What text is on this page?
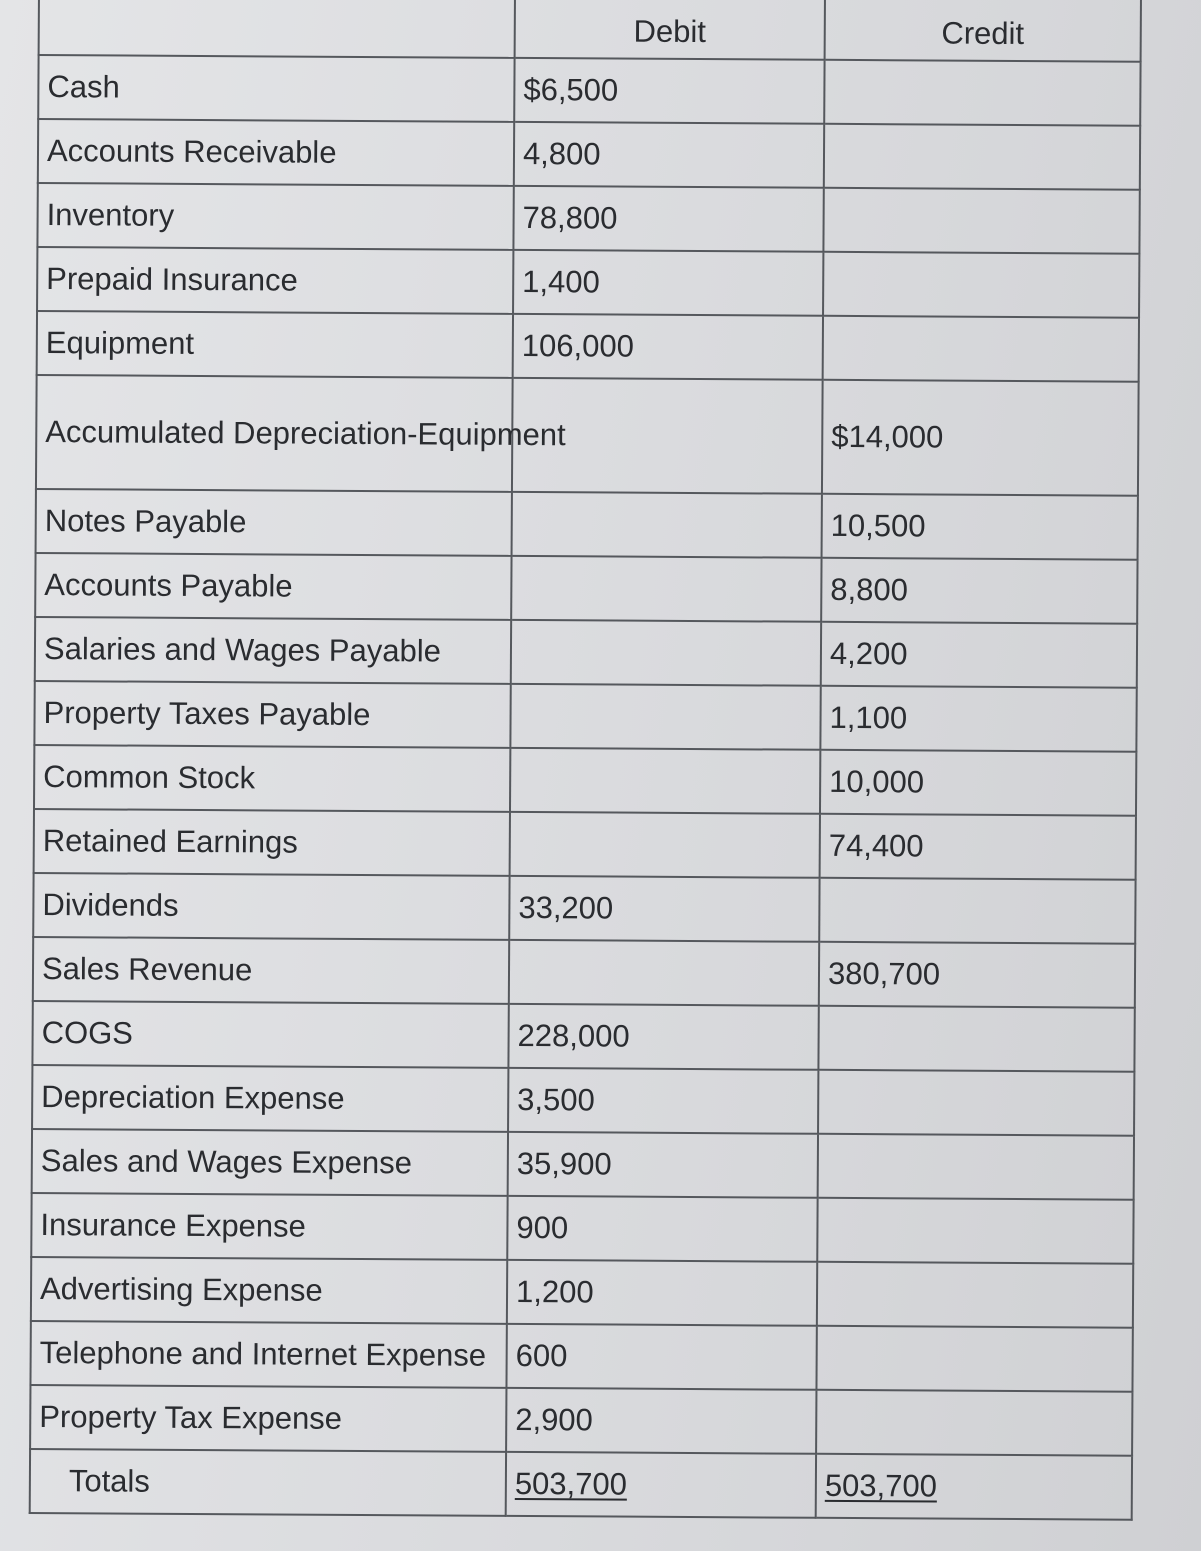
	Debit	Credit
Cash	$6,500	
Accounts Receivable	4,800	
Inventory	78,800	
Prepaid Insurance	1,400	
Equipment	106,000	
Accumulated Depreciation-Equipment		$14,000
Notes Payable		10,500
Accounts Payable		8,800
Salaries and Wages Payable		4,200
Property Taxes Payable		1,100
Common Stock		10,000
Retained Earnings		74,400
Dividends	33,200	
Sales Revenue		380,700
COGS	228,000	
Depreciation Expense	3,500	
Sales and Wages Expense	35,900	
Insurance Expense	900	
Advertising Expense	1,200	
Telephone and Internet Expense	600	
Property Tax Expense	2,900	
Totals	503,700	503,700
